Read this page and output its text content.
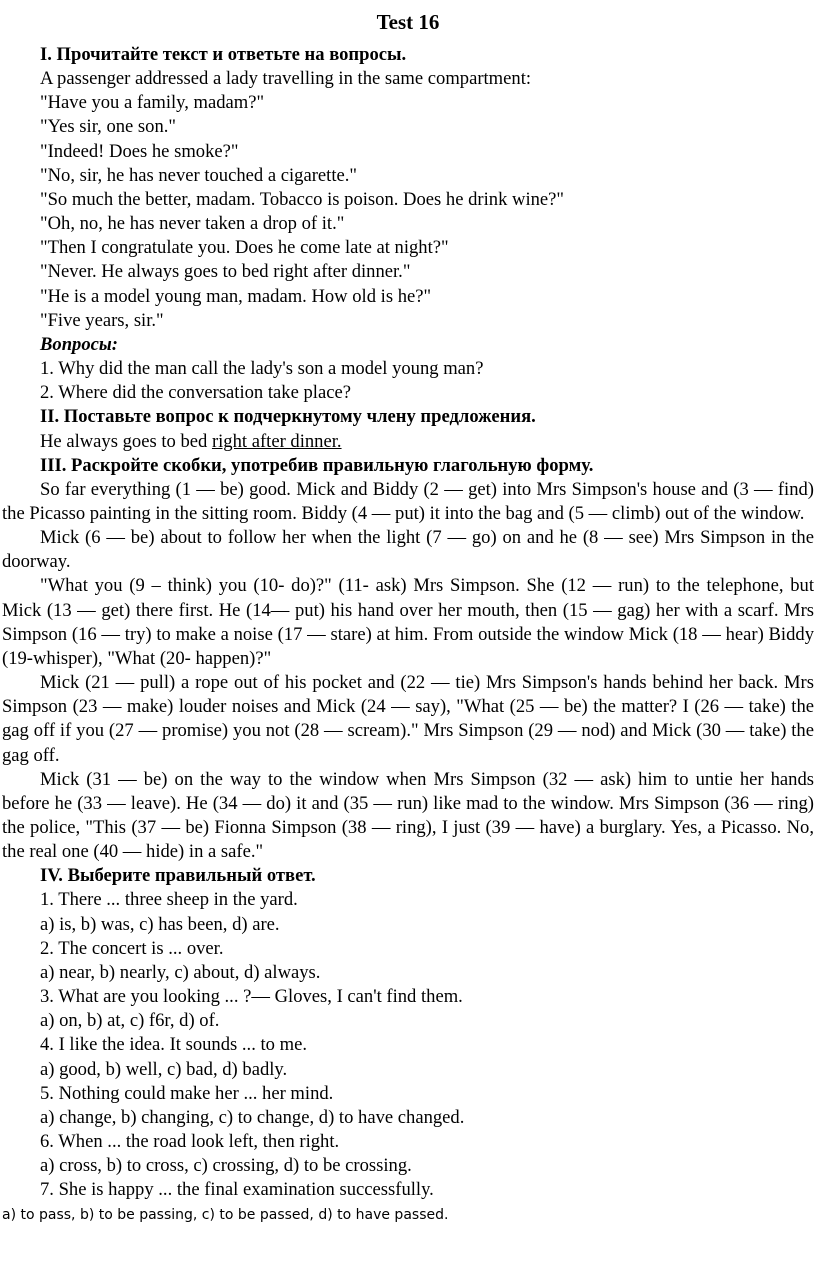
Test 16

I. Прочитайте текст и ответьте на вопросы.

A passenger addressed a lady travelling in the same compartment:

"Have you a family, madam?"

"Yes sir, one son."

"Indeed! Does he smoke?"

"No, sir, he has never touched a cigarette."

"So much the better, madam. Tobacco is poison. Does he drink wine?"

"Oh, no, he has never taken a drop of it."

"Then I congratulate you. Does he come late at night?"

"Never. He always goes to bed right after dinner."

"He is a model young man, madam. How old is he?"

"Five years, sir."

Вопросы:

1. Why did the man call the lady's son a model young man?

2. Where did the conversation take place?

II. Поставьте вопрос к подчеркнутому члену предложения.

He always goes to bed right after dinner.

III. Раскройте скобки, употребив правильную глагольную форму.

So far everything (1 — be) good. Mick and Biddy (2 — get) into Mrs Simpson's house and (3 — find) the Picasso painting in the sitting room. Biddy (4 — put) it into the bag and (5 — climb) out of the window.

Mick (6 — be) about to follow her when the light (7 — go) on and he (8 — see) Mrs Simpson in the doorway.

"What you (9 – think) you (10- do)?" (11- ask) Mrs Simpson. She (12 — run) to the telephone, but Mick (13 — get) there first. He (14— put) his hand over her mouth, then (15 — gag) her with a scarf. Mrs Simpson (16 — try) to make a noise (17 — stare) at him. From outside the window Mick (18 — hear) Biddy (19-whisper), "What (20- happen)?"

Mick (21 — pull) a rope out of his pocket and (22 — tie) Mrs Simpson's hands behind her back. Mrs Simpson (23 — make) louder noises and Mick (24 — say), "What (25 — be) the matter? I (26 — take) the gag off if you (27 — promise) you not (28 — scream)." Mrs Simpson (29 — nod) and Mick (30 — take) the gag off.

Mick (31 — be) on the way to the window when Mrs Simpson (32 — ask) him to untie her hands before he (33 — leave). He (34 — do) it and (35 — run) like mad to the window. Mrs Simpson (36 — ring) the police, "This (37 — be) Fionna Simpson (38 — ring), I just (39 — have) a burglary. Yes, a Picasso. No, the real one (40 — hide) in a safe."

IV. Выберите правильный ответ.

1. There ... three sheep in the yard.

a) is, b) was, c) has been, d) are.

2. The concert is ... over.

a) near, b) nearly, c) about, d) always.

3. What are you looking ... ?— Gloves, I can't find them.

a) on, b) at, c) f6r, d) of.

4. I like the idea. It sounds ... to me.

a) good, b) well, c) bad, d) badly.

5. Nothing could make her ... her mind.

a) change, b) changing, c) to change, d) to have changed.

6. When ... the road look left, then right.

a) cross, b) to cross, c) crossing, d) to be crossing.

7. She is happy ... the final examination successfully.

a) to pass, b) to be passing, c) to be passed, d) to have passed.
